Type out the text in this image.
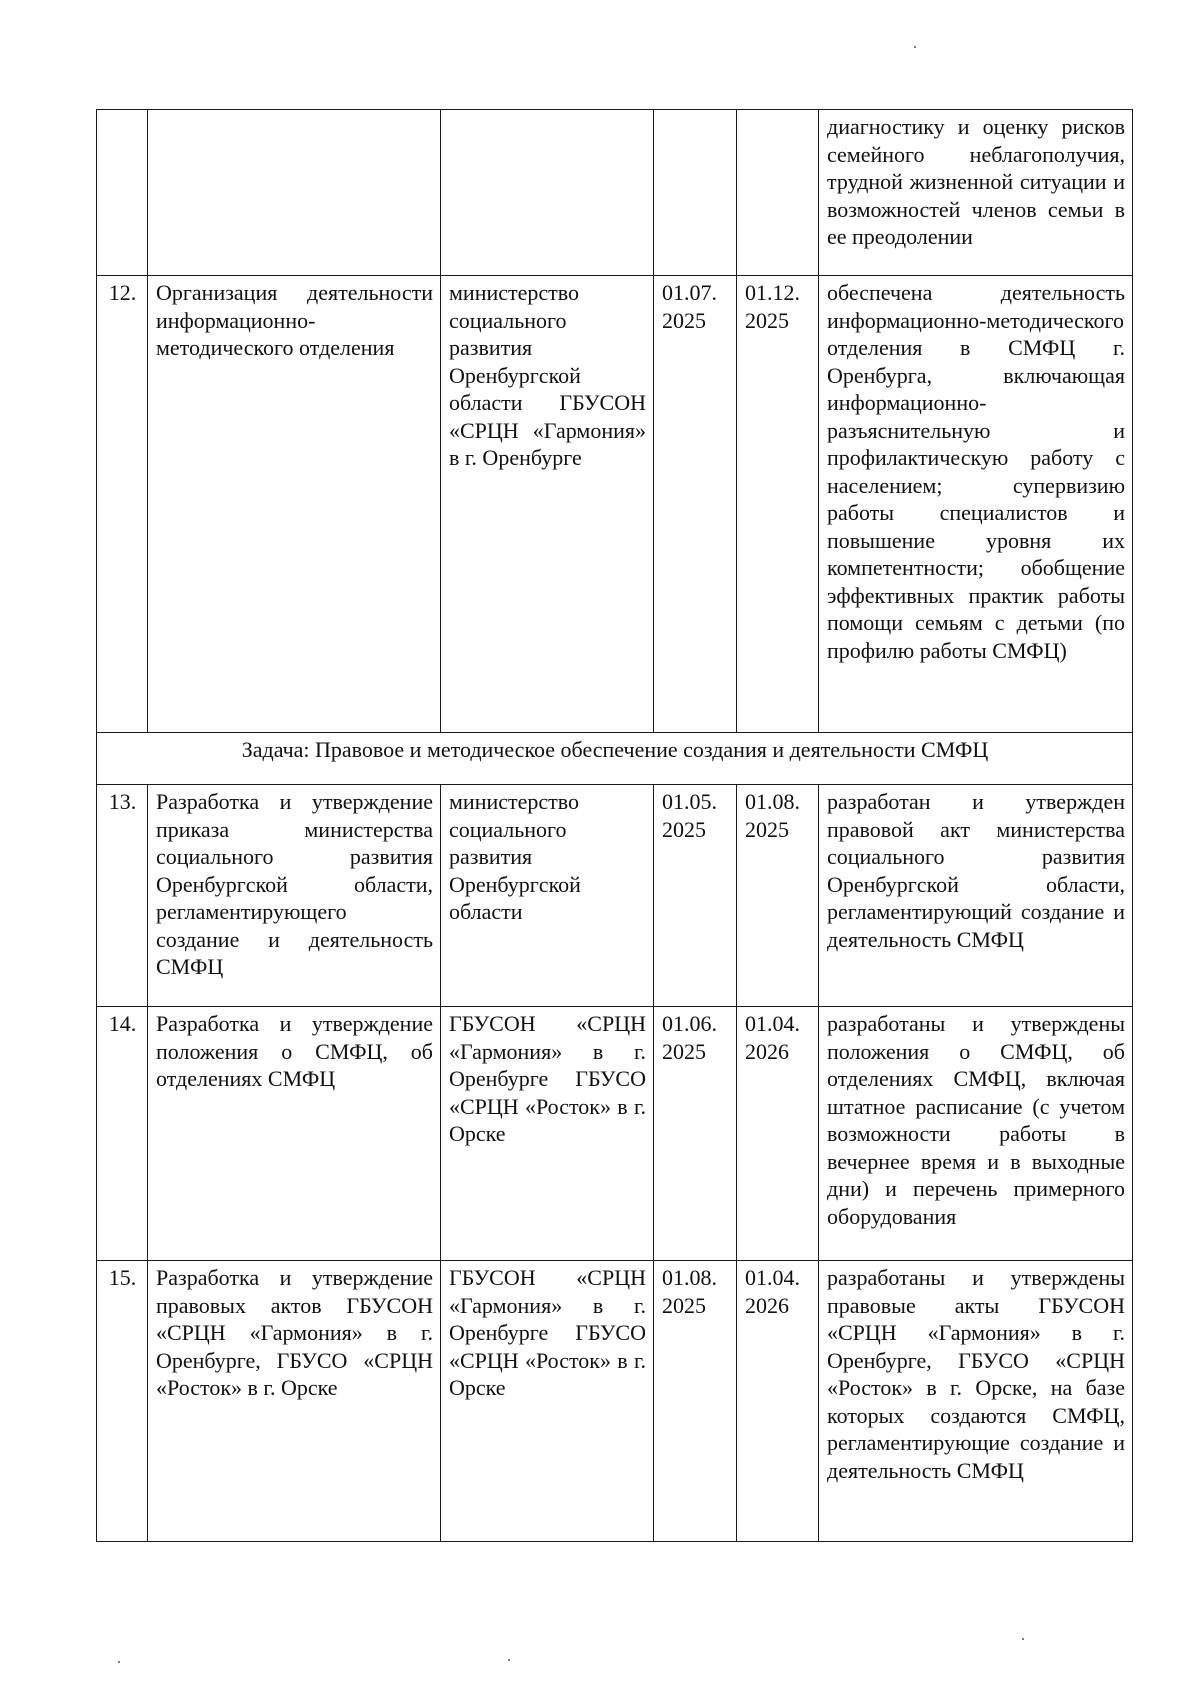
					диагностику и оценку рисков семейного неблагополучия, трудной жизненной ситуации и возможностей членов семьи в ее преодолении
12.	Организация деятельности информационно-методического отделения	министерство социального развития Оренбургской области ГБУСОН «СРЦН «Гармония» в г. Оренбурге	01.07. 2025	01.12. 2025	обеспечена деятельность информационно-методического отделения в СМФЦ г. Оренбурга, включающая информационно-разъяснительную и профилактическую работу с населением; супервизию работы специалистов и повышение уровня их компетентности; обобщение эффективных практик работы помощи семьям с детьми (по профилю работы СМФЦ)
Задача: Правовое и методическое обеспечение создания и деятельности СМФЦ					
13.	Разработка и утверждение приказа министерства социального развития Оренбургской области, регламентирующего создание и деятельность СМФЦ	министерство социального развития Оренбургской области	01.05. 2025	01.08. 2025	разработан и утвержден правовой акт министерства социального развития Оренбургской области, регламентирующий создание и деятельность СМФЦ
14.	Разработка и утверждение положения о СМФЦ, об отделениях СМФЦ	ГБУСОН «СРЦН «Гармония» в г. Оренбурге ГБУСО «СРЦН «Росток» в г. Орске	01.06. 2025	01.04. 2026	разработаны и утверждены положения о СМФЦ, об отделениях СМФЦ, включая штатное расписание (с учетом возможности работы в вечернее время и в выходные дни) и перечень примерного оборудования
15.	Разработка и утверждение правовых актов ГБУСОН «СРЦН «Гармония» в г. Оренбурге, ГБУСО «СРЦН «Росток» в г. Орске	ГБУСОН «СРЦН «Гармония» в г. Оренбурге ГБУСО «СРЦН «Росток» в г. Орске	01.08. 2025	01.04. 2026	разработаны и утверждены правовые акты ГБУСОН «СРЦН «Гармония» в г. Оренбурге, ГБУСО «СРЦН «Росток» в г. Орске, на базе которых создаются СМФЦ, регламентирующие создание и деятельность СМФЦ
